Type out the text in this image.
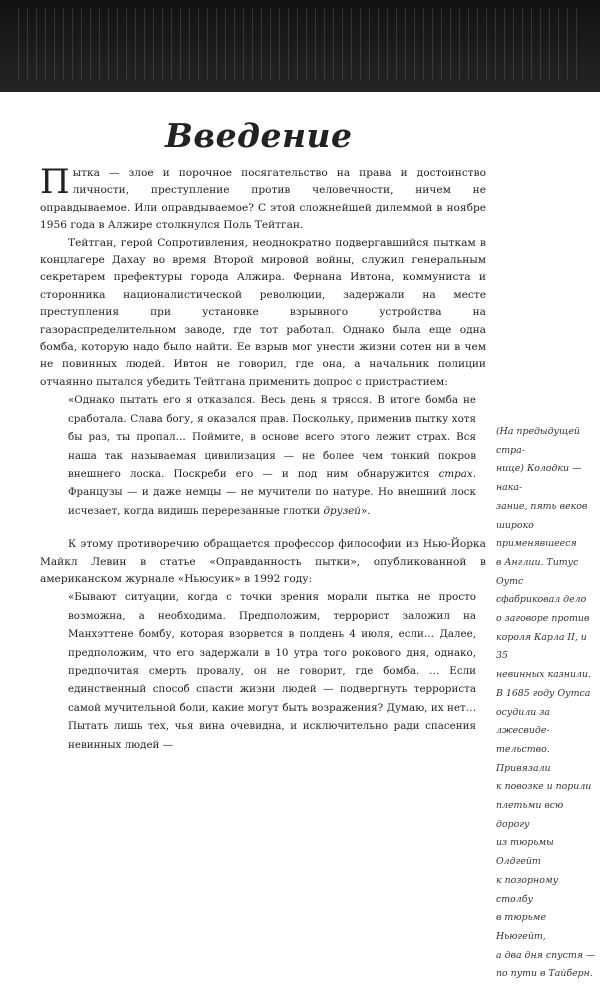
Введение

Пытка — злое и порочное посягательство на права и достоинство личности, преступление против человечности, ничем не оправдываемое. Или оправдываемое? С этой сложнейшей дилеммой в ноябре 1956 года в Алжире столкнулся Поль Тейтган.

Тейтган, герой Сопротивления, неоднократно подвергавшийся пыткам в концлагере Дахау во время Второй мировой войны, служил генеральным секретарем префектуры города Алжира. Фернана Ивтона, коммуниста и сторонника националистической революции, задержали на месте преступления при установке взрывного устройства на газораспределительном заводе, где тот работал. Однако была еще одна бомба, которую надо было найти. Ее взрыв мог унести жизни сотен ни в чем не повинных людей. Ивтон не говорил, где она, а начальник полиции отчаянно пытался убедить Тейтгана применить допрос с пристрастием:

«Однако пытать его я отказался. Весь день я трясся. В итоге бомба не сработала. Слава богу, я оказался прав. Поскольку, применив пытку хотя бы раз, ты пропал… Поймите, в основе всего этого лежит страх. Вся наша так называемая цивилизация — не более чем тонкий покров внешнего лоска. Поскреби его — и под ним обнаружится страх. Французы — и даже немцы — не мучители по натуре. Но внешний лоск исчезает, когда видишь перерезанные глотки друзей».

К этому противоречию обращается профессор философии из Нью-Йорка Майкл Левин в статье «Оправданность пытки», опубликованной в американском журнале «Ньюсуик» в 1992 году:

«Бывают ситуации, когда с точки зрения морали пытка не просто возможна, а необходима. Предположим, террорист заложил на Манхэттене бомбу, которая взорвется в полдень 4 июля, если… Далее, предположим, что его задержали в 10 утра того рокового дня, однако, предпочитая смерть провалу, он не говорит, где бомба. … Если единственный способ спасти жизни людей — подвергнуть террориста самой мучительной боли, какие могут быть возражения? Думаю, их нет… Пытать лишь тех, чья вина очевидна, и исключительно ради спасения невинных людей —

(На предыдущей стра-
нице) Колодки — нака-
зание, пять веков
широко применявшееся
в Англии. Титус Оутс
сфабриковал дело
о заговоре против
короля Карла II, и 35
невинных казнили.
В 1685 году Оутса
осудили за лжесвиде-
тельство. Привязали
к повозке и порили
плетьми всю дорогу
из тюрьмы Олдгейт
к позорному столбу
в тюрьме Ньюгейт,
а два дня спустя —
по пути в Тайберн.
